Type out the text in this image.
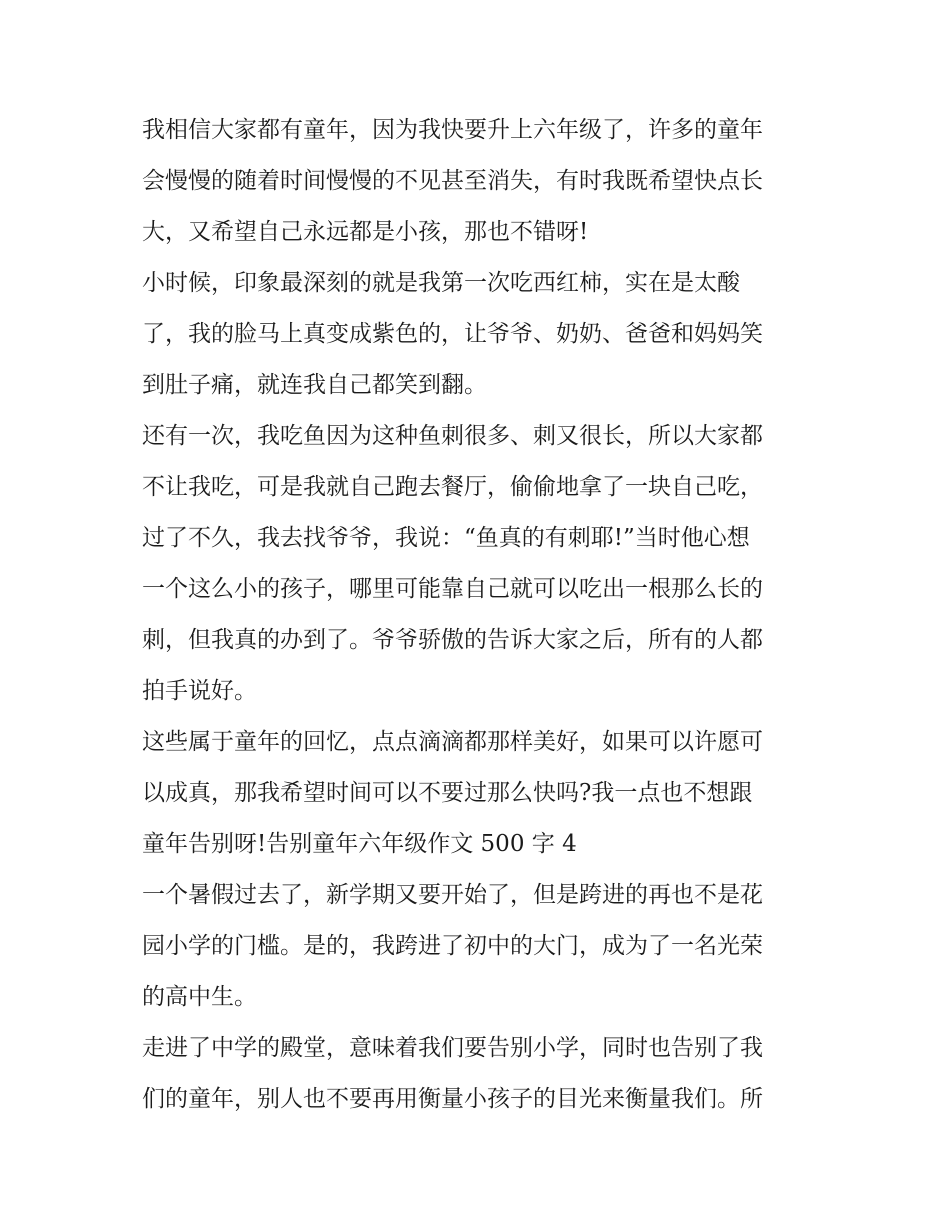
我相信大家都有童年，因为我快要升上六年级了，许多的童年
会慢慢的随着时间慢慢的不见甚至消失，有时我既希望快点长
大，又希望自己永远都是小孩，那也不错呀!
小时候，印象最深刻的就是我第一次吃西红柿，实在是太酸
了，我的脸马上真变成紫色的，让爷爷、奶奶、爸爸和妈妈笑
到肚子痛，就连我自己都笑到翻。
还有一次，我吃鱼因为这种鱼刺很多、刺又很长，所以大家都
不让我吃，可是我就自己跑去餐厅，偷偷地拿了一块自己吃，
过了不久，我去找爷爷，我说：“鱼真的有刺耶!”当时他心想
一个这么小的孩子，哪里可能靠自己就可以吃出一根那么长的
刺，但我真的办到了。爷爷骄傲的告诉大家之后，所有的人都
拍手说好。
这些属于童年的回忆，点点滴滴都那样美好，如果可以许愿可
以成真，那我希望时间可以不要过那么快吗?我一点也不想跟
童年告别呀!告别童年六年级作文 500 字 4
一个暑假过去了，新学期又要开始了，但是跨进的再也不是花
园小学的门槛。是的，我跨进了初中的大门，成为了一名光荣
的高中生。
走进了中学的殿堂，意味着我们要告别小学，同时也告别了我
们的童年，别人也不要再用衡量小孩子的目光来衡量我们。所
